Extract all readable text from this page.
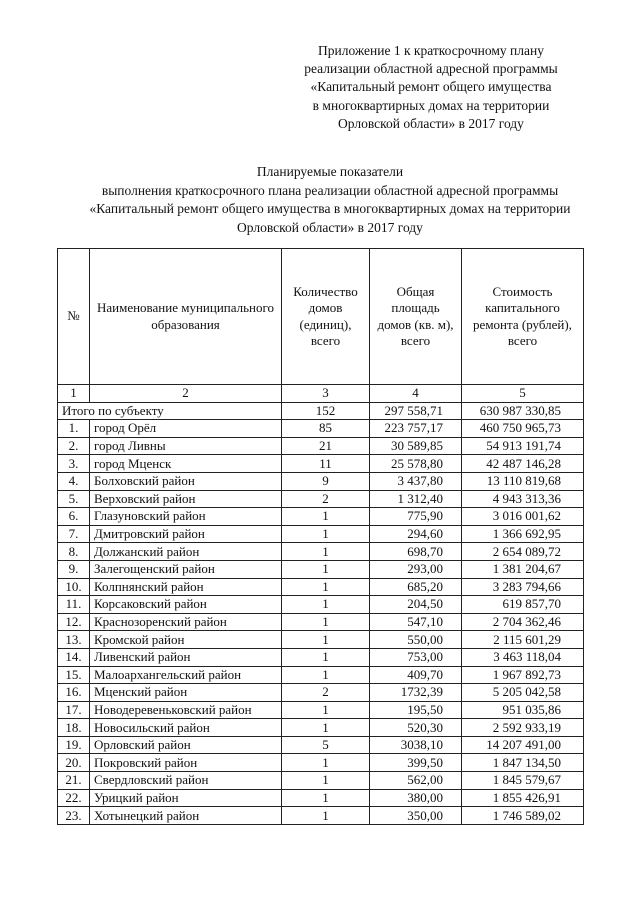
Приложение 1 к краткосрочному плану
реализации областной адресной программы
«Капитальный ремонт общего имущества
в многоквартирных домах на территории
Орловской области» в 2017 году
Планируемые показатели
выполнения краткосрочного плана реализации областной адресной программы
«Капитальный ремонт общего имущества в многоквартирных домах на территории
Орловской области» в 2017 году
№	Наименование муниципального образования	Количество домов (единиц), всего	Общая площадь домов (кв. м), всего	Стоимость капитального ремонта (рублей), всего
1	2	3	4	5
Итого по субъекту		152	297 558,71	630 987 330,85
1.	город Орёл	85	223 757,17	460 750 965,73
2.	город Ливны	21	30 589,85	54 913 191,74
3.	город Мценск	11	25 578,80	42 487 146,28
4.	Болховский район	9	3 437,80	13 110 819,68
5.	Верховский район	2	1 312,40	4 943 313,36
6.	Глазуновский район	1	775,90	3 016 001,62
7.	Дмитровский район	1	294,60	1 366 692,95
8.	Должанский район	1	698,70	2 654 089,72
9.	Залегощенский район	1	293,00	1 381 204,67
10.	Колпнянский район	1	685,20	3 283 794,66
11.	Корсаковский район	1	204,50	619 857,70
12.	Краснозоренский район	1	547,10	2 704 362,46
13.	Кромской район	1	550,00	2 115 601,29
14.	Ливенский район	1	753,00	3 463 118,04
15.	Малоархангельский район	1	409,70	1 967 892,73
16.	Мценский район	2	1732,39	5 205 042,58
17.	Новодеревеньковский район	1	195,50	951 035,86
18.	Новосильский район	1	520,30	2 592 933,19
19.	Орловский район	5	3038,10	14 207 491,00
20.	Покровский район	1	399,50	1 847 134,50
21.	Свердловский район	1	562,00	1 845 579,67
22.	Урицкий район	1	380,00	1 855 426,91
23.	Хотынецкий район	1	350,00	1 746 589,02
